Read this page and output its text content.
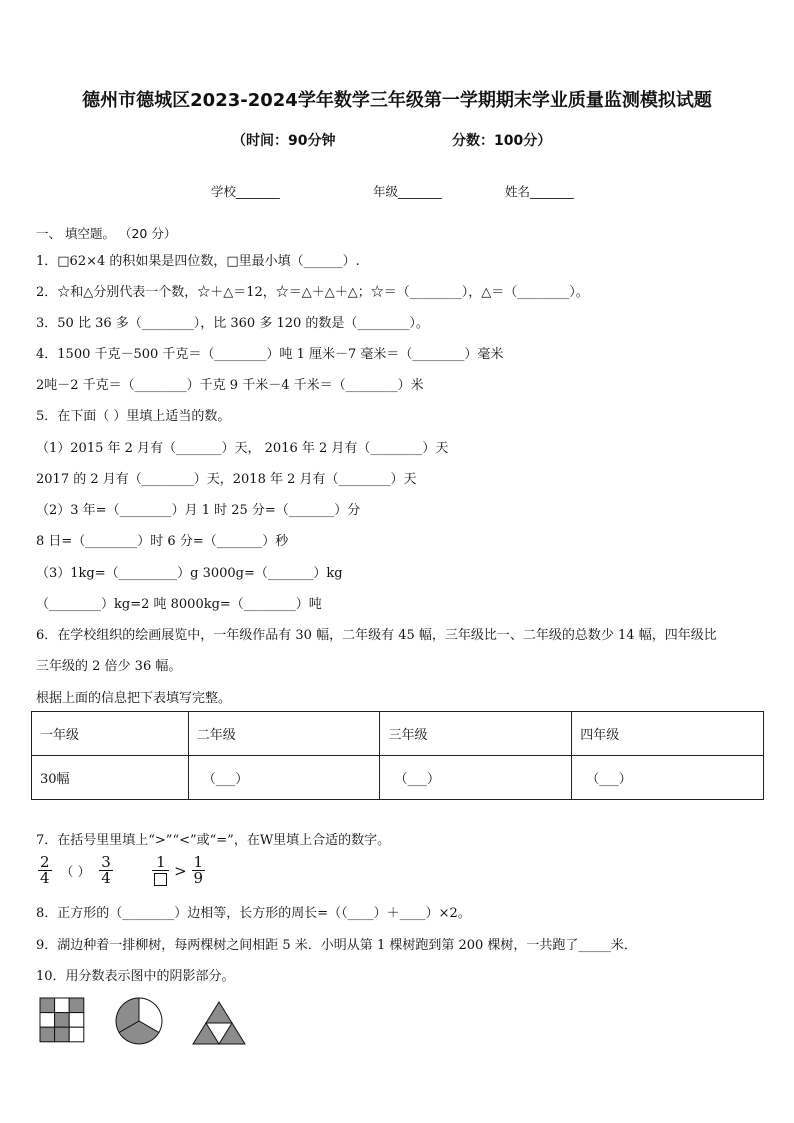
德州市德城区2023-2024学年数学三年级第一学期期末学业质量监测模拟试题
（时间：90分钟	分数：100分）
学校_______	年级_______	姓名_______
一、 填空题。 （20 分）
1．□62×4 的积如果是四位数，□里最小填（______）.
2．☆和△分别代表一个数，☆＋△＝12，☆＝△＋△＋△；☆＝（________），△＝（________）。
3．50 比 36 多（________），比 360 多 120 的数是（________）。
4．1500 千克－500 千克＝（________）吨 1 厘米－7 毫米＝（________）毫米
2吨－2 千克＝（________）千克 9 千米－4 千米＝（________）米
5．在下面（ ）里填上适当的数。
（1）2015 年 2 月有（_______）天， 2016 年 2 月有（________）天
2017 的 2 月有（________）天，2018 年 2 月有（________）天
（2）3 年=（________）月 1 时 25 分=（_______）分
8 日=（________）时 6 分=（_______）秒
（3）1kg=（_________）g 3000g=（_______）kg
（________）kg=2 吨 8000kg=（________）吨
6．在学校组织的绘画展览中，一年级作品有 30 幅，二年级有 45 幅，三年级比一、二年级的总数少 14 幅，四年级比
三年级的 2 倍少 36 幅。
根据上面的信息把下表填写完整。
一年级	二年级	三年级	四年级
30幅	（___）	（___）	（___）
7．在括号里里填上“>”“<”或“=”，在W里填上合适的数字。
$\frac{2}{4}$ （ ） $\frac{3}{4}$
	$1 > \frac{1}{9}$
8．正方形的（________）边相等，长方形的周长=（（____）＋____）×2。
9．湖边种着一排柳树，每两棵树之间相距 5 米．小明从第 1 棵树跑到第 200 棵树，一共跑了_____米．
10．用分数表示图中的阴影部分。
